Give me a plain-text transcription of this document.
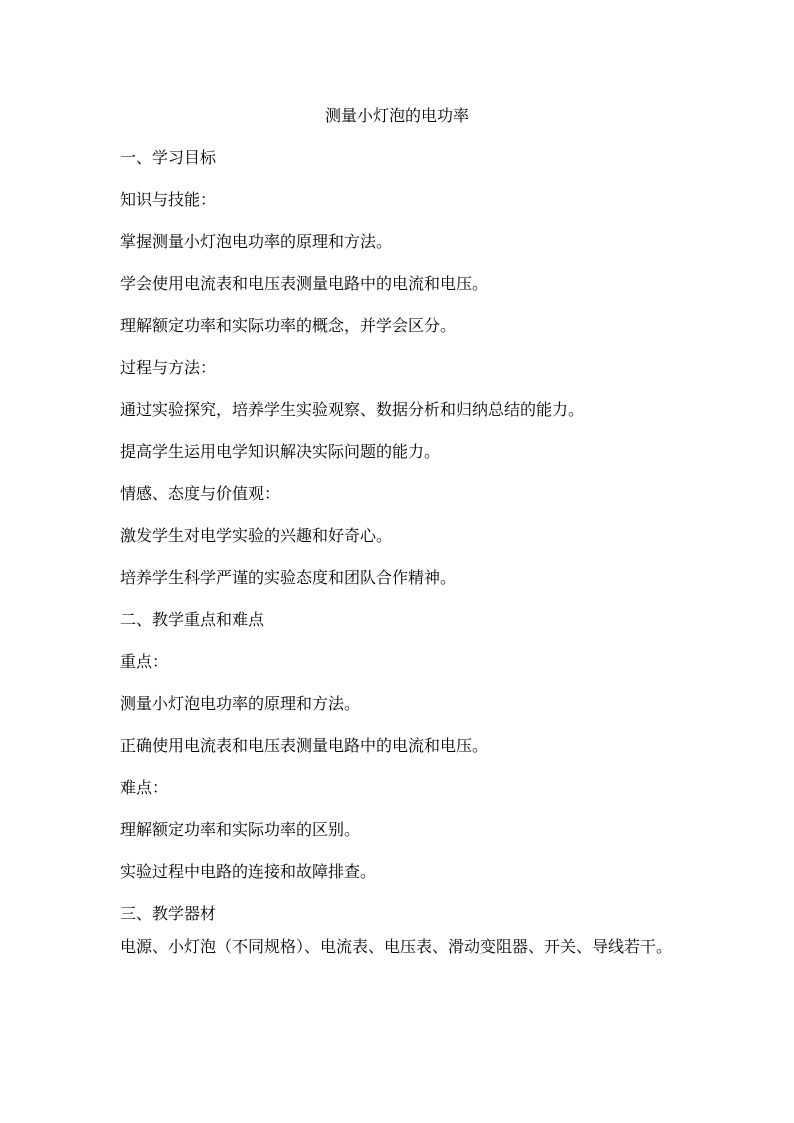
测量小灯泡的电功率
一、学习目标
知识与技能：
掌握测量小灯泡电功率的原理和方法。
学会使用电流表和电压表测量电路中的电流和电压。
理解额定功率和实际功率的概念，并学会区分。
过程与方法：
通过实验探究，培养学生实验观察、数据分析和归纳总结的能力。
提高学生运用电学知识解决实际问题的能力。
情感、态度与价值观：
激发学生对电学实验的兴趣和好奇心。
培养学生科学严谨的实验态度和团队合作精神。
二、教学重点和难点
重点：
测量小灯泡电功率的原理和方法。
正确使用电流表和电压表测量电路中的电流和电压。
难点：
理解额定功率和实际功率的区别。
实验过程中电路的连接和故障排查。
三、教学器材
电源、小灯泡（不同规格）、电流表、电压表、滑动变阻器、开关、导线若干。
